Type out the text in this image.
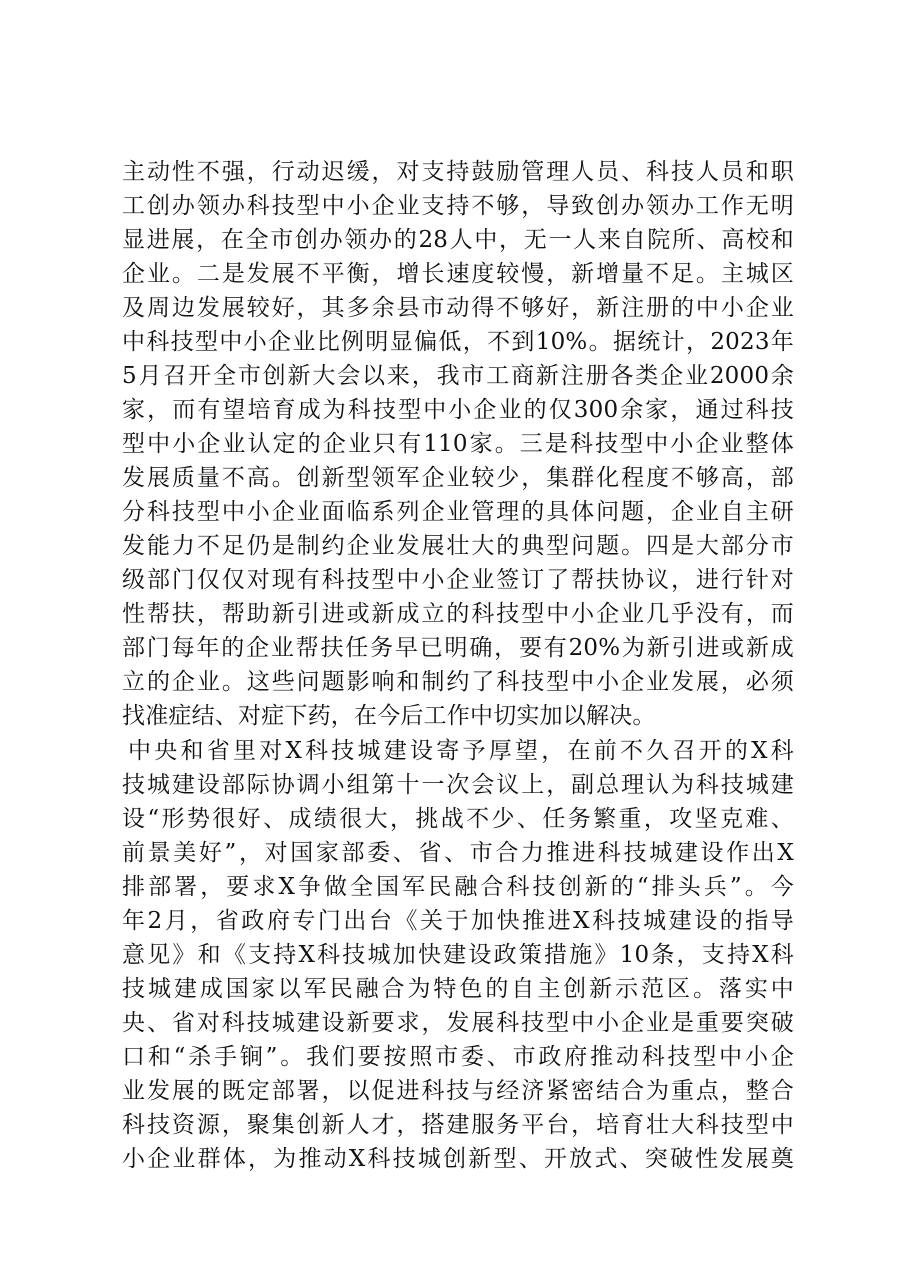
主动性不强，行动迟缓，对支持鼓励管理人员、科技人员和职
工创办领办科技型中小企业支持不够，导致创办领办工作无明
显进展，在全市创办领办的28人中，无一人来自院所、高校和
企业。二是发展不平衡，增长速度较慢，新增量不足。主城区
及周边发展较好，其多余县市动得不够好，新注册的中小企业
中科技型中小企业比例明显偏低，不到10%。据统计，2023年
5月召开全市创新大会以来，我市工商新注册各类企业2000余
家，而有望培育成为科技型中小企业的仅300余家，通过科技
型中小企业认定的企业只有110家。三是科技型中小企业整体
发展质量不高。创新型领军企业较少，集群化程度不够高，部
分科技型中小企业面临系列企业管理的具体问题，企业自主研
发能力不足仍是制约企业发展壮大的典型问题。四是大部分市
级部门仅仅对现有科技型中小企业签订了帮扶协议，进行针对
性帮扶，帮助新引进或新成立的科技型中小企业几乎没有，而
部门每年的企业帮扶任务早已明确，要有20%为新引进或新成
立的企业。这些问题影响和制约了科技型中小企业发展，必须
找准症结、对症下药，在今后工作中切实加以解决。
中央和省里对X科技城建设寄予厚望，在前不久召开的X科
技城建设部际协调小组第十一次会议上，副总理认为科技城建
设“形势很好、成绩很大，挑战不少、任务繁重，攻坚克难、
前景美好”，对国家部委、省、市合力推进科技城建设作出X
排部署，要求X争做全国军民融合科技创新的“排头兵”。今
年2月，省政府专门出台《关于加快推进X科技城建设的指导
意见》和《支持X科技城加快建设政策措施》10条，支持X科
技城建成国家以军民融合为特色的自主创新示范区。落实中
央、省对科技城建设新要求，发展科技型中小企业是重要突破
口和“杀手锏”。我们要按照市委、市政府推动科技型中小企
业发展的既定部署，以促进科技与经济紧密结合为重点，整合
科技资源，聚集创新人才，搭建服务平台，培育壮大科技型中
小企业群体，为推动X科技城创新型、开放式、突破性发展奠
